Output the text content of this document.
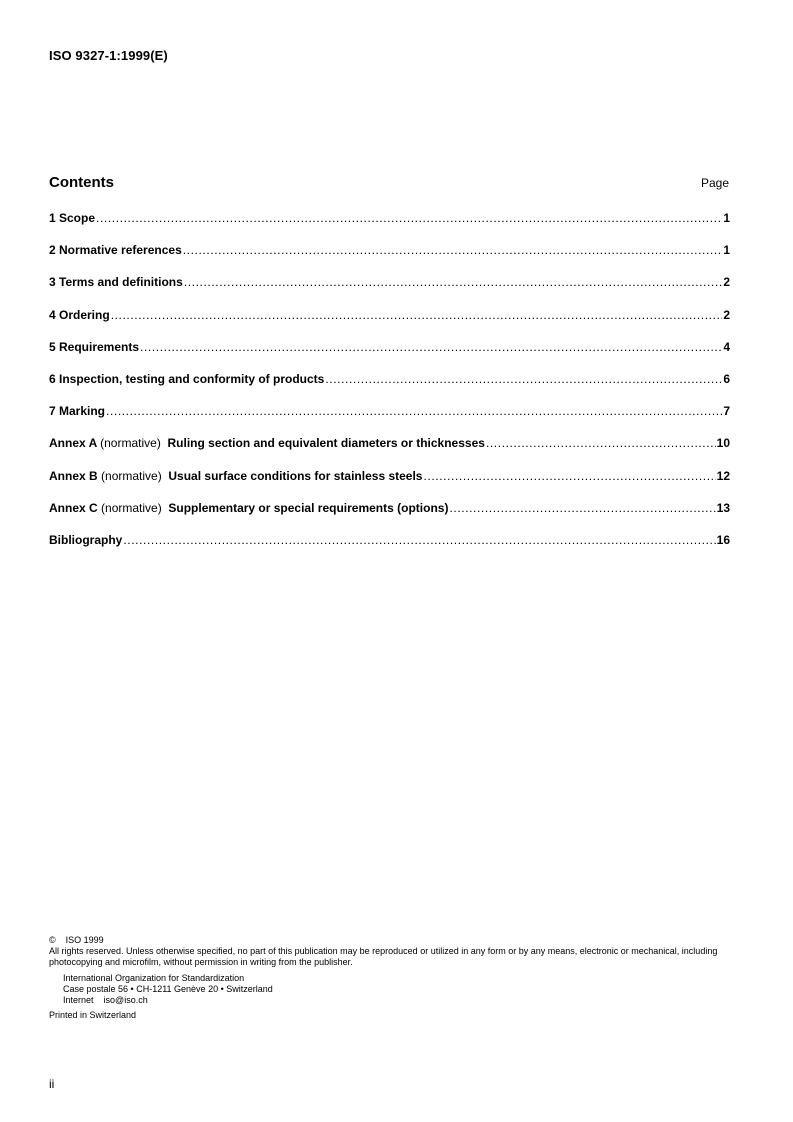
ISO 9327-1:1999(E)
Contents	Page
1 Scope .....	1
2 Normative references .....	1
3 Terms and definitions .....	2
4 Ordering .....	2
5 Requirements .....	4
6 Inspection, testing and conformity of products .....	6
7 Marking .....	7
Annex A (normative) Ruling section and equivalent diameters or thicknesses .....	10
Annex B (normative) Usual surface conditions for stainless steels .....	12
Annex C (normative) Supplementary or special requirements (options) .....	13
Bibliography .....	16
© ISO 1999
All rights reserved. Unless otherwise specified, no part of this publication may be reproduced or utilized in any form or by any means, electronic or mechanical, including photocopying and microfilm, without permission in writing from the publisher.
International Organization for Standardization
Case postale 56 • CH-1211 Genève 20 • Switzerland
Internet iso@iso.ch
Printed in Switzerland
ii
